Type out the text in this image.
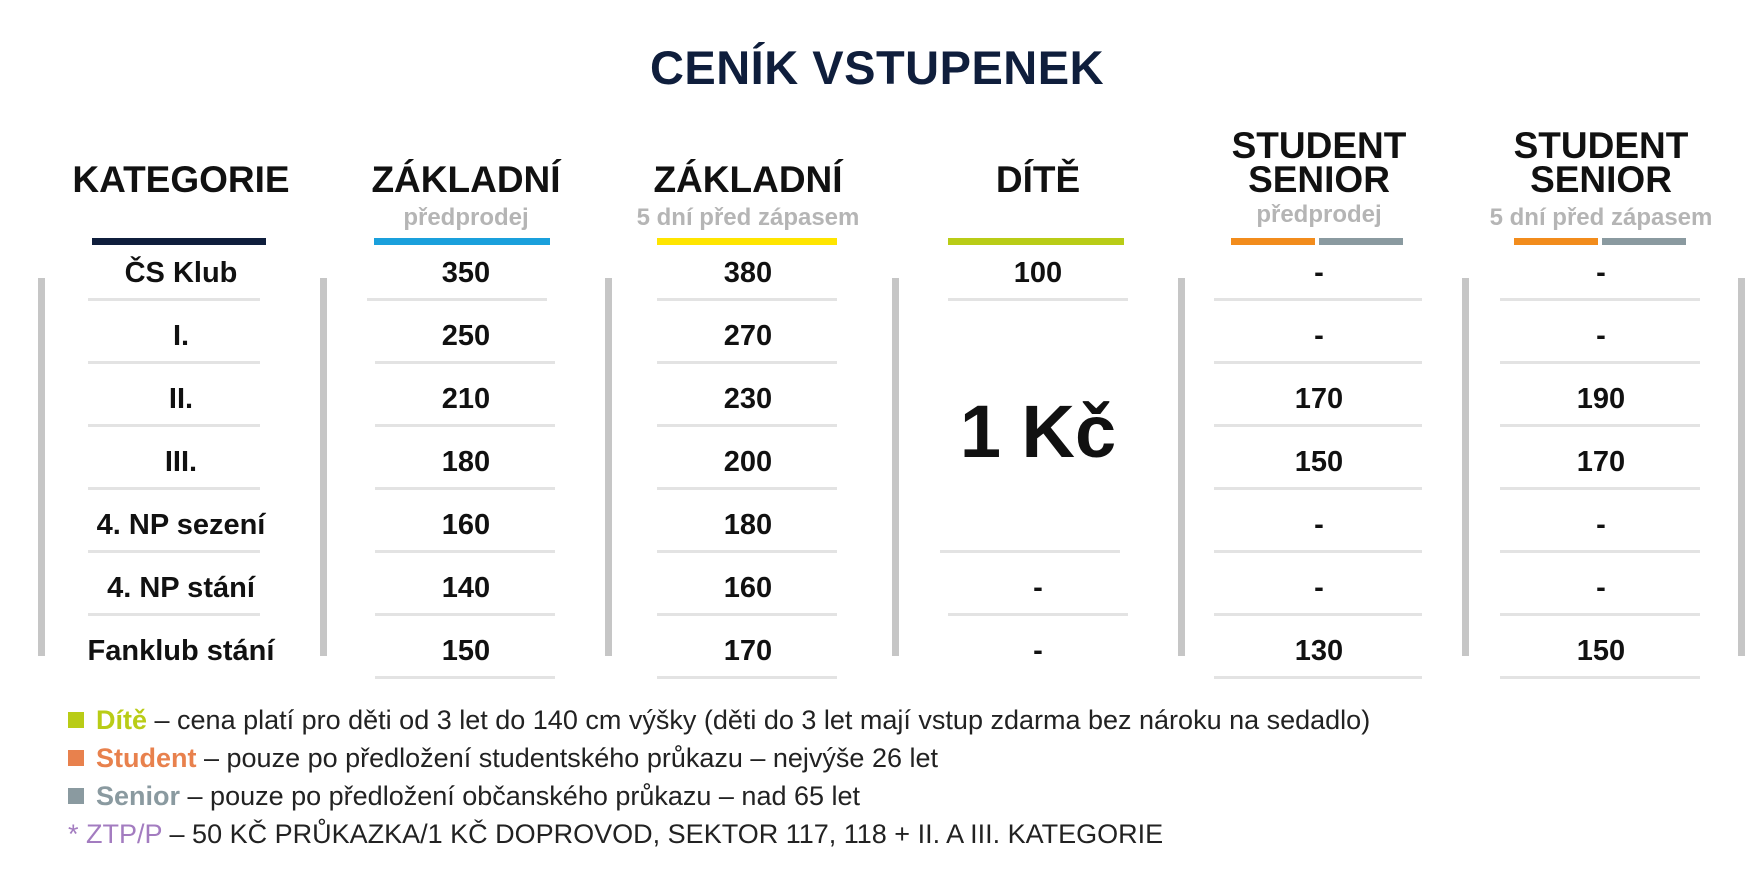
CENÍK VSTUPENEK
KATEGORIE
ČS Klub
I.
II.
III.
4. NP sezení
4. NP stání
Fanklub stání
ZÁKLADNÍ
předprodej
350
250
210
180
160
140
150
ZÁKLADNÍ
5 dní před zápasem
380
270
230
200
180
160
170
DÍTĚ
100
1 Kč
-
-
STUDENT
SENIOR
předprodej
-
-
170
150
-
-
130
STUDENT
SENIOR
5 dní před zápasem
-
-
190
170
-
-
150
Dítě – cena platí pro děti od 3 let do 140 cm výšky (děti do 3 let mají vstup zdarma bez nároku na sedadlo)
Student – pouze po předložení studentského průkazu – nejvýše 26 let
Senior – pouze po předložení občanského průkazu – nad 65 let
* ZTP/P – 50 KČ PRŮKAZKA/1 KČ DOPROVOD, SEKTOR 117, 118 + II. A III. KATEGORIE
